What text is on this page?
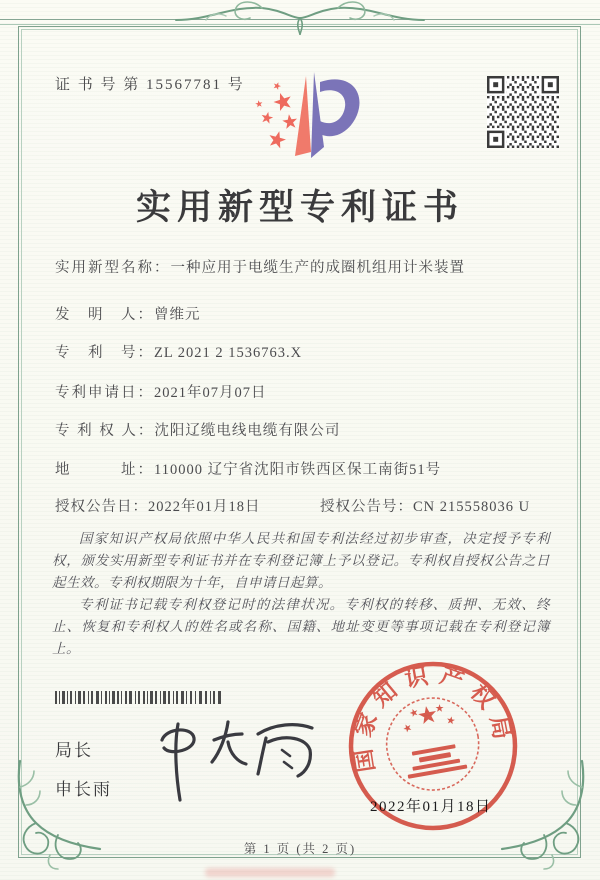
证 书 号 第 15567781 号
实用新型专利证书
实用新型名称：一种应用于电缆生产的成圈机组用计米装置
发　明　人：曾维元
专　利　号：ZL 2021 2 1536763.X
专利申请日：2021年07月07日
专 利 权 人：沈阳辽缆电线电缆有限公司
地　　　址：110000 辽宁省沈阳市铁西区保工南街51号
授权公告日：2022年01月18日	授权公告号：CN 215558036 U

国家知识产权局依照中华人民共和国专利法经过初步审查，决定授予专利权，颁发实用新型专利证书并在专利登记簿上予以登记。专利权自授权公告之日起生效。专利权期限为十年，自申请日起算。

专利证书记载专利权登记时的法律状况。专利权的转移、质押、无效、终止、恢复和专利权人的姓名或名称、国籍、地址变更等事项记载在专利登记簿上。

局长
申长雨
2022年01月18日
国家知识产权局
第 1 页 (共 2 页)
